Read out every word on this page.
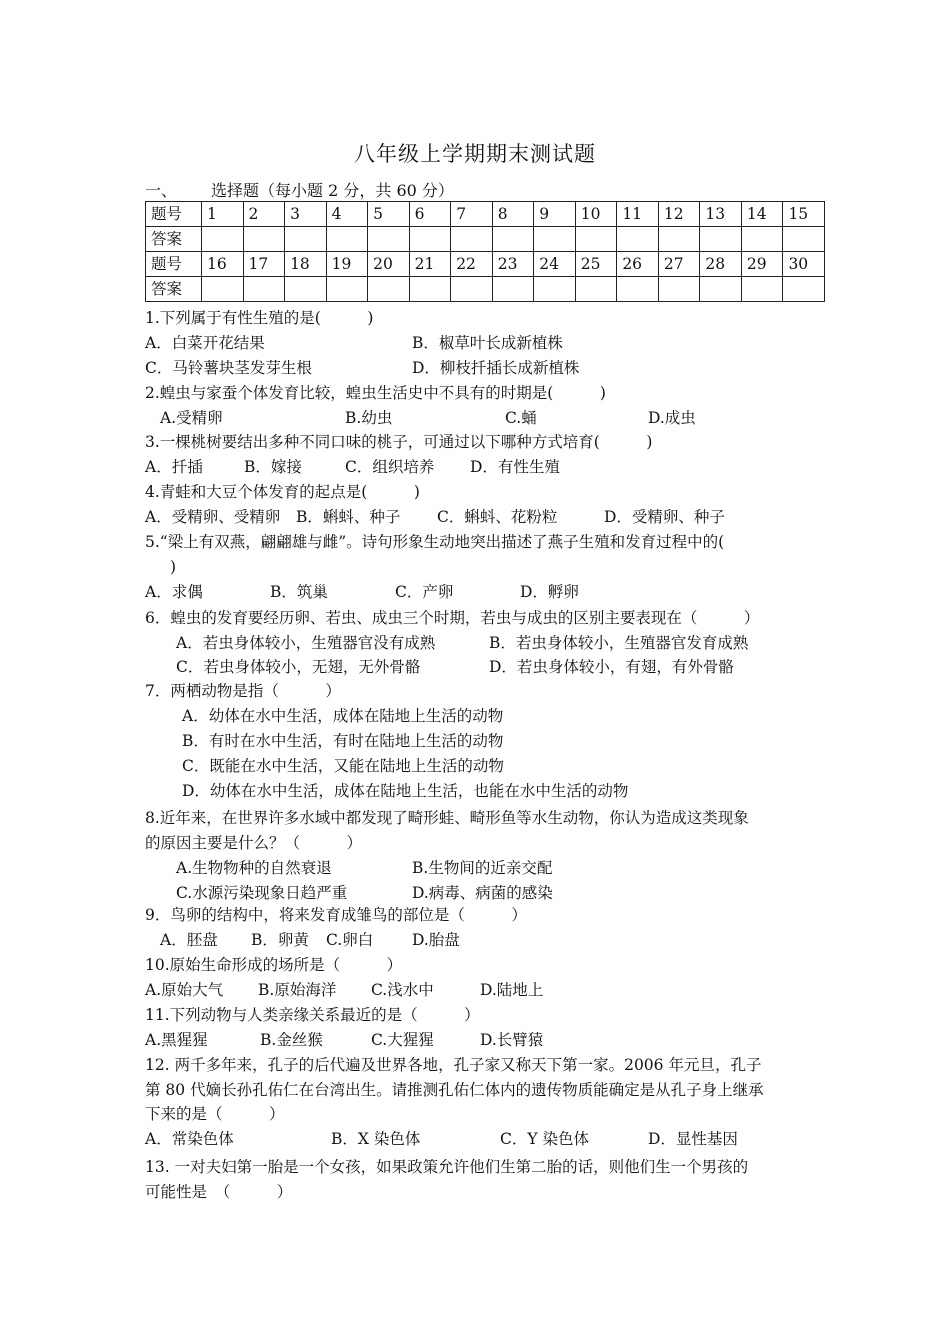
八年级上学期期末测试题
一、 选择题（每小题 2 分，共 60 分）
题号	1	2	3	4	5	6	7	8	9	10	11	12	13	14	15
答案															
题号	16	17	18	19	20	21	22	23	24	25	26	27	28	29	30
答案															
1.下列属于有性生殖的是(　　　)
A．白菜开花结果	B．椒草叶长成新植株
C．马铃薯块茎发芽生根	D．柳枝扦插长成新植株
2.蝗虫与家蚕个体发育比较，蝗虫生活史中不具有的时期是(　　　)
A.受精卵	B.幼虫	C.蛹	D.成虫
3.一棵桃树要结出多种不同口味的桃子，可通过以下哪种方式培育(　　　)
A．扦插	B．嫁接	C．组织培养 D．有性生殖
4.青蛙和大豆个体发育的起点是(　　　)
A．受精卵、受精卵 B．蝌蚪、种子 C．蝌蚪、花粉粒	D．受精卵、种子
5.“梁上有双燕，翩翩雄与雌”。诗句形象生动地突出描述了燕子生殖和发育过程中的(
)
A．求偶	B．筑巢	C．产卵	D．孵卵
6．蝗虫的发育要经历卵、若虫、成虫三个时期，若虫与成虫的区别主要表现在（　　　）
A．若虫身体较小，生殖器官没有成熟	B．若虫身体较小，生殖器官发育成熟
C．若虫身体较小，无翅，无外骨骼	D．若虫身体较小，有翅，有外骨骼
7．两栖动物是指（　　　）
A．幼体在水中生活，成体在陆地上生活的动物
B．有时在水中生活，有时在陆地上生活的动物
C．既能在水中生活，又能在陆地上生活的动物
D．幼体在水中生活，成体在陆地上生活，也能在水中生活的动物
8.近年来，在世界许多水域中都发现了畸形蛙、畸形鱼等水生动物，你认为造成这类现象
的原因主要是什么？（　　　）
A.生物物种的自然衰退	B.生物间的近亲交配
C.水源污染现象日趋严重	D.病毒、病菌的感染
9．鸟卵的结构中，将来发育成雏鸟的部位是（　　　）
A．胚盘 B．卵黄 C.卵白	D.胎盘
10.原始生命形成的场所是（　　　）
A.原始大气 B.原始海洋 C.浅水中	D.陆地上
11.下列动物与人类亲缘关系最近的是（　　　）
A.黑猩猩	B.金丝猴	C.大猩猩	D.长臂猿
12. 两千多年来，孔子的后代遍及世界各地，孔子家又称天下第一家。2006 年元旦，孔子
第 80 代嫡长孙孔佑仁在台湾出生。请推测孔佑仁体内的遗传物质能确定是从孔子身上继承
下来的是（　　　）
A．常染色体	B．X 染色体	C．Y 染色体	D．显性基因
13. 一对夫妇第一胎是一个女孩，如果政策允许他们生第二胎的话，则他们生一个男孩的
可能性是　（　　　）
